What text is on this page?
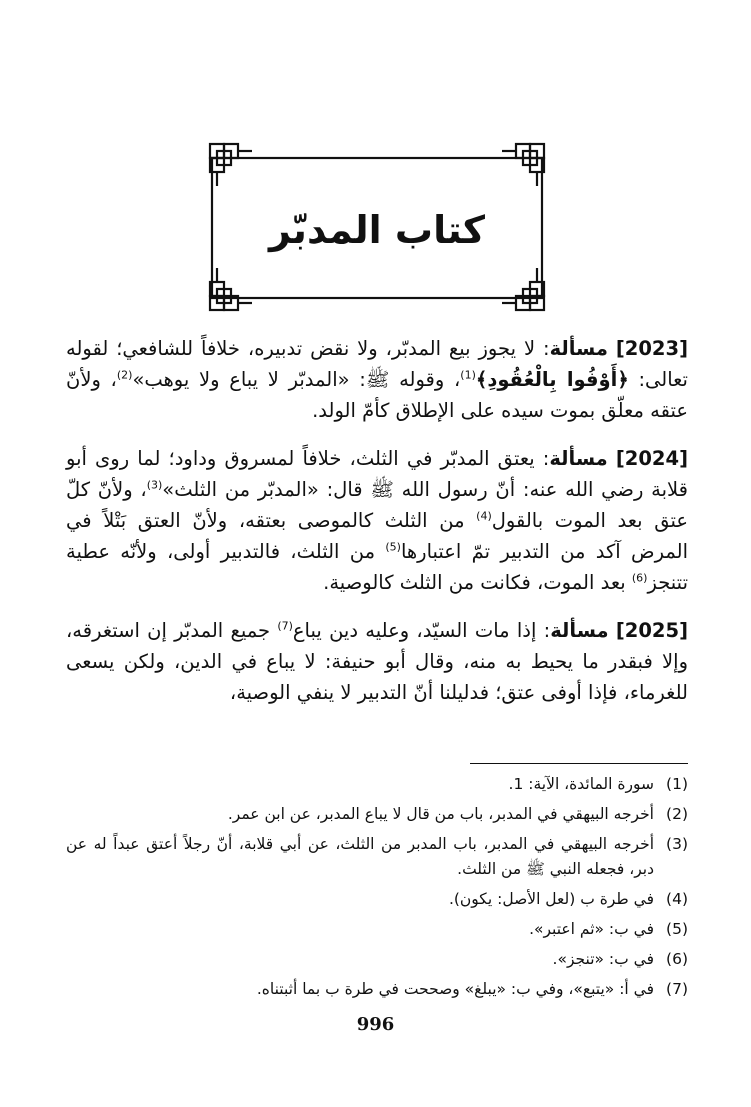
كتاب المدبّر

[2023] مسألة: لا يجوز بيع المدبّر، ولا نقض تدبيره، خلافاً للشافعي؛ لقوله تعالى: ﴿أَوْفُوا بِالْعُقُودِ﴾$^{(1)}$، وقوله ﷺ: «المدبّر لا يباع ولا يوهب»$^{(2)}$، ولأنّ عتقه معلّق بموت سيده على الإطلاق كأمّ الولد.

[2024] مسألة: يعتق المدبّر في الثلث، خلافاً لمسروق وداود؛ لما روى أبو قلابة رضي الله عنه: أنّ رسول الله ﷺ قال: «المدبّر من الثلث»$^{(3)}$، ولأنّ كلّ عتق بعد الموت بالقول$^{(4)}$ من الثلث كالموصى بعتقه، ولأنّ العتق بَتْلاً في المرض آكد من التدبير تمّ اعتبارها$^{(5)}$ من الثلث، فالتدبير أولى، ولأنّه عطية تتنجز$^{(6)}$ بعد الموت، فكانت من الثلث كالوصية.

[2025] مسألة: إذا مات السيّد، وعليه دين يباع$^{(7)}$ جميع المدبّر إن استغرقه، وإلا فبقدر ما يحيط به منه، وقال أبو حنيفة: لا يباع في الدين، ولكن يسعى للغرماء، فإذا أوفى عتق؛ فدليلنا أنّ التدبير لا ينفي الوصية،

(1)
سورة المائدة، الآية: 1.
(2)
أخرجه البيهقي في المدبر، باب من قال لا يباع المدبر، عن ابن عمر.
(3)
أخرجه البيهقي في المدبر، باب المدبر من الثلث، عن أبي قلابة، أنّ رجلاً أعتق عبداً له عن دبر، فجعله النبي ﷺ من الثلث.
(4)
في طرة ب (لعل الأصل: يكون).
(5)
في ب: «ثم اعتبر».
(6)
في ب: «تنجز».
(7)
في أ: «يتبع»، وفي ب: «يبلغ» وصححت في طرة ب بما أثبتناه.
996
